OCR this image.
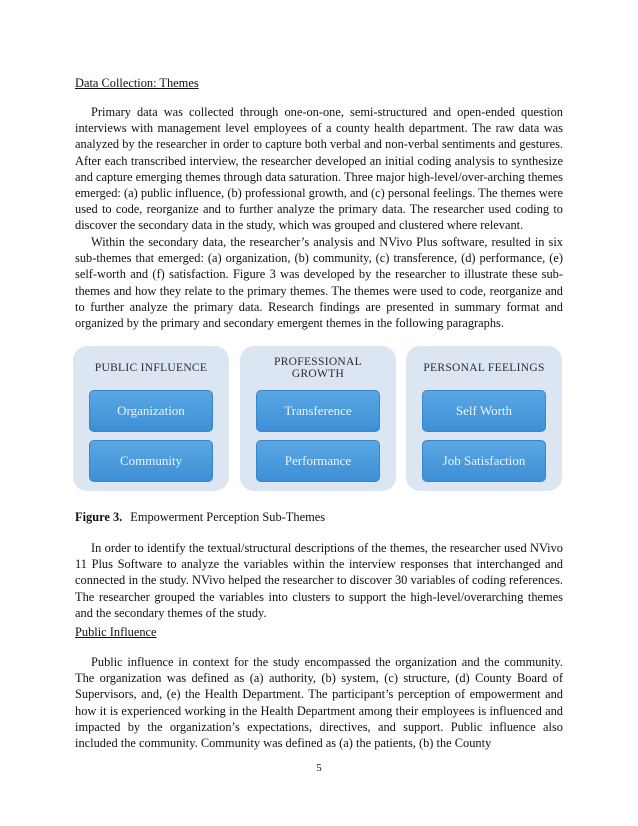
Data Collection: Themes

Primary data was collected through one-on-one, semi-structured and open-ended question interviews with management level employees of a county health department. The raw data was analyzed by the researcher in order to capture both verbal and non-verbal sentiments and gestures. After each transcribed interview, the researcher developed an initial coding analysis to synthesize and capture emerging themes through data saturation. Three major high-level/over-arching themes emerged: (a) public influence, (b) professional growth, and (c) personal feelings. The themes were used to code, reorganize and to further analyze the primary data. The researcher used coding to discover the secondary data in the study, which was grouped and clustered where relevant.

Within the secondary data, the researcher’s analysis and NVivo Plus software, resulted in six sub-themes that emerged: (a) organization, (b) community, (c) transference, (d) performance, (e) self-worth and (f) satisfaction. Figure 3 was developed by the researcher to illustrate these sub-themes and how they relate to the primary themes. The themes were used to code, reorganize and to further analyze the primary data. Research findings are presented in summary format and organized by the primary and secondary emergent themes in the following paragraphs.

PUBLIC INFLUENCE
Organization
Community
PROFESSIONAL GROWTH
Transference
Performance
PERSONAL FEELINGS
Self Worth
Job Satisfaction
Figure 3. Empowerment Perception Sub-Themes

In order to identify the textual/structural descriptions of the themes, the researcher used NVivo 11 Plus Software to analyze the variables within the interview responses that interchanged and connected in the study. NVivo helped the researcher to discover 30 variables of coding references. The researcher grouped the variables into clusters to support the high-level/overarching themes and the secondary themes of the study.

Public Influence

Public influence in context for the study encompassed the organization and the community. The organization was defined as (a) authority, (b) system, (c) structure, (d) County Board of Supervisors, and, (e) the Health Department. The participant’s perception of empowerment and how it is experienced working in the Health Department among their employees is influenced and impacted by the organization’s expectations, directives, and support. Public influence also included the community. Community was defined as (a) the patients, (b) the County

5
